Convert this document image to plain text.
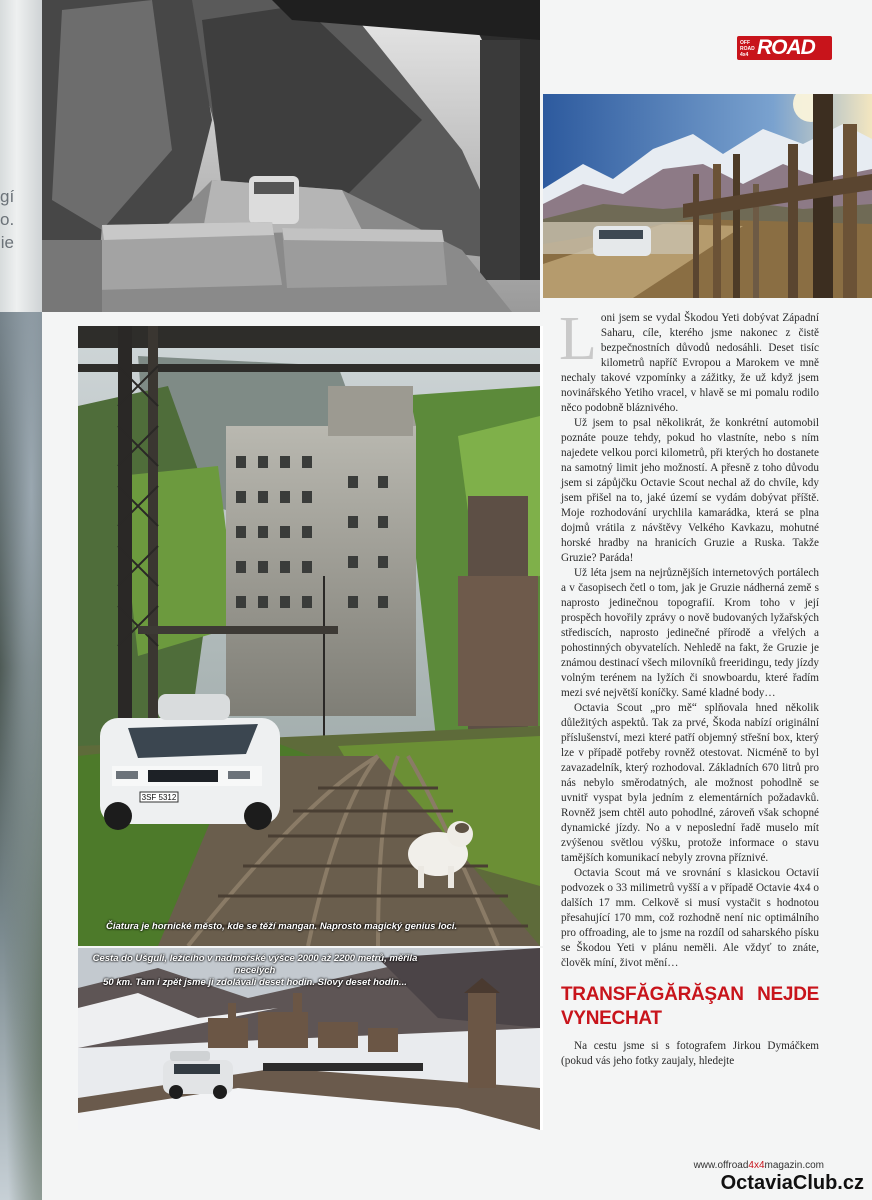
gí
o.
ie
OFF ROAD 4x4 ROAD
3SF 5312
Čiatura je hornické město, kde se těží mangan. Naprosto magický genius loci.
Cesta do Ušguli, ležícího v nadmořské výšce 2000 až 2200 metrů, měřila necelých
50 km. Tam i zpět jsme ji zdolávali deset hodin. Slovy deset hodin...

Loni jsem se vydal Škodou Yeti dobývat Západní Saharu, cíle, kterého jsme nakonec z čistě bezpečnostních důvodů nedosáhli. Deset tisíc kilometrů napříč Evropou a Marokem ve mně nechaly takové vzpomínky a zážitky, že už když jsem novinářského Yetiho vracel, v hlavě se mi pomalu rodilo něco podobně bláznivého.

Už jsem to psal několikrát, že konkrétní automobil poznáte pouze tehdy, pokud ho vlastníte, nebo s ním najedete velkou porci kilometrů, při kterých ho dostanete na samotný limit jeho možností. A přesně z toho důvodu jsem si zápůjčku Octavie Scout nechal až do chvíle, kdy jsem přišel na to, jaké území se vydám dobývat příště. Moje rozhodování urychlila kamarádka, která se plna dojmů vrátila z návštěvy Velkého Kavkazu, mohutné horské hradby na hranicích Gruzie a Ruska. Takže Gruzie? Paráda!

Už léta jsem na nejrůznějších internetových portálech a v časopisech četl o tom, jak je Gruzie nádherná země s naprosto jedinečnou topografií. Krom toho v její prospěch hovořily zprávy o nově budovaných lyžařských střediscích, naprosto jedinečné přírodě a vřelých a pohostinných obyvatelích. Nehledě na fakt, že Gruzie je známou destinací všech milovníků freeridingu, tedy jízdy volným terénem na lyžích či snowboardu, které řadím mezi své největší koníčky. Samé kladné body…

Octavia Scout „pro mě“ splňovala hned několik důležitých aspektů. Tak za prvé, Škoda nabízí originální příslušenství, mezi které patří objemný střešní box, který lze v případě potřeby rovněž otestovat. Nicméně to byl zavazadelník, který rozhodoval. Základních 670 litrů pro nás nebylo směrodatných, ale možnost pohodlně se uvnitř vyspat byla jedním z elementárních požadavků. Rovněž jsem chtěl auto pohodlné, zároveň však schopné dynamické jízdy. No a v neposlední řadě muselo mít zvýšenou světlou výšku, protože informace o stavu tamějších komunikací nebyly zrovna příznivé.

Octavia Scout má ve srovnání s klasickou Octavií podvozek o 33 milimetrů vyšší a v případě Octavie 4x4 o dalších 17 mm. Celkově si musí vystačit s hodnotou přesahující 170 mm, což rozhodně není nic optimálního pro offroading, ale to jsme na rozdíl od saharského písku se Škodou Yeti v plánu neměli. Ale vždyť to znáte, člověk míní, život mění…

TRANSFĂGĂRĂŞAN NEJDE VYNECHAT

Na cestu jsme si s fotografem Jirkou Dymáčkem (pokud vás jeho fotky zaujaly, hledejte

www.offroad4x4magazin.com
OctaviaClub.cz
